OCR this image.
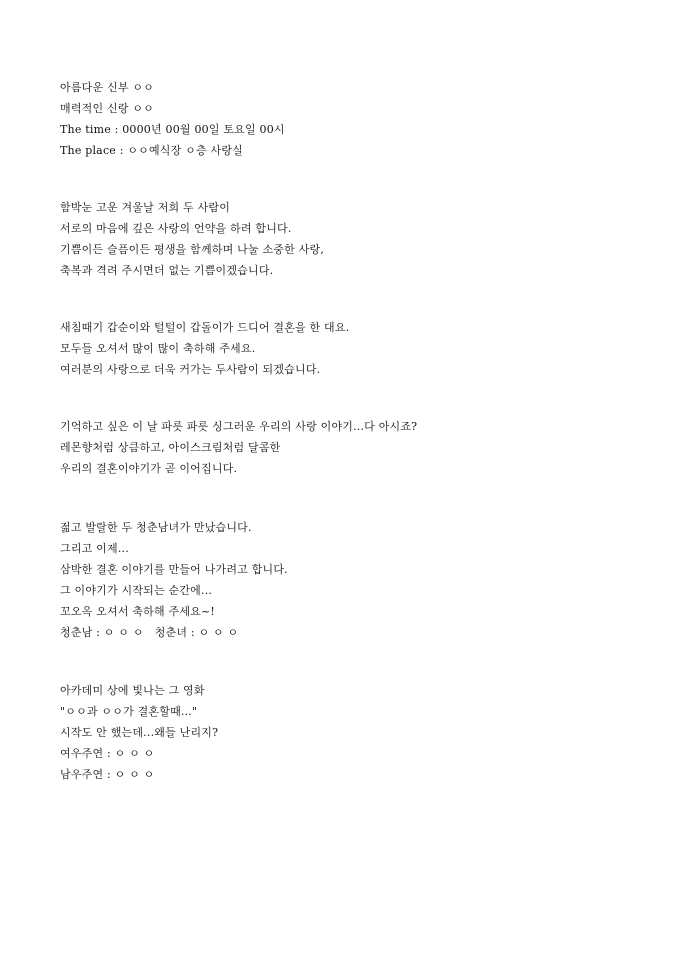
아름다운 신부 ㅇㅇ
매력적인 신랑 ㅇㅇ
The time : 0000년 00월 00일 토요일 00시
The place : ㅇㅇ예식장 ㅇ층 사랑실
함박눈 고운 겨울날 저희 두 사람이
서로의 마음에 깊은 사랑의 언약을 하려 합니다.
기쁨이든 슬픔이든 평생을 함께하며 나눌 소중한 사랑,
축복과 격려 주시면더 없는 기쁨이겠습니다.
새침때기 갑순이와 털털이 갑돌이가 드디어 결혼을 한 대요.
모두들 오셔서 많이 많이 축하해 주세요.
여러분의 사랑으로 더욱 커가는 두사람이 되겠습니다.
기억하고 싶은 이 날 파릇 파릇 싱그러운 우리의 사랑 이야기...다 아시죠?
레몬향처럼 상큼하고, 아이스크림처럼 달콤한
우리의 결혼이야기가 곧 이어집니다.
젊고 발랄한 두 청춘남녀가 만났습니다.
그리고 이제...
삼박한 결혼 이야기를 만들어 나가려고 합니다.
그 이야기가 시작되는 순간에...
꼬오옥 오셔서 축하해 주세요~!
청춘남 : ㅇ ㅇ ㅇ   청춘녀 : ㅇ ㅇ ㅇ
아카데미 상에 빛나는 그 영화
"ㅇㅇ과 ㅇㅇ가 결혼할때..."
시작도 안 했는데...왜들 난리지?
여우주연 : ㅇ ㅇ ㅇ
남우주연 : ㅇ ㅇ ㅇ
